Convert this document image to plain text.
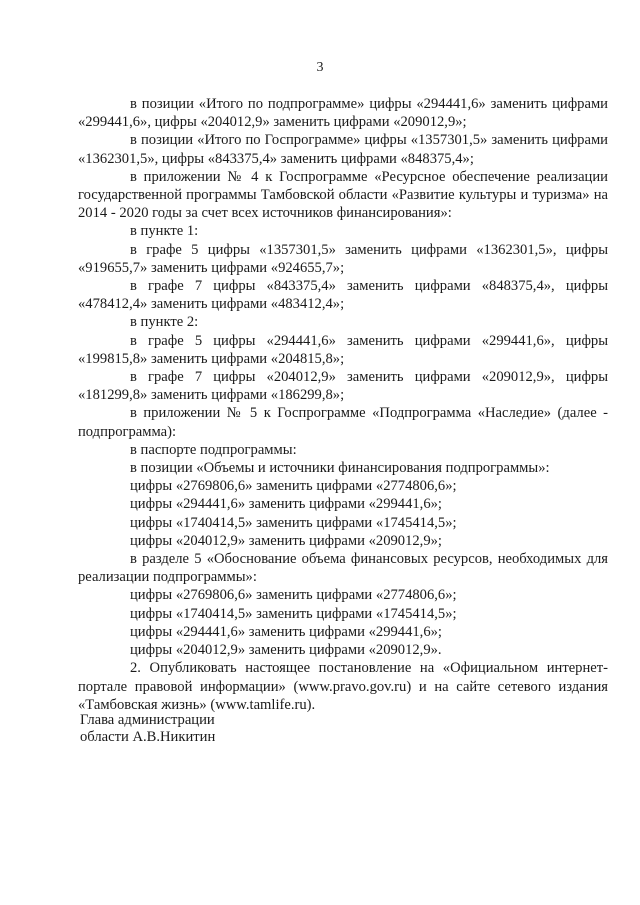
3

в позиции «Итого по подпрограмме» цифры «294441,6» заменить цифрами «299441,6», цифры «204012,9» заменить цифрами «209012,9»;

в позиции «Итого по Госпрограмме» цифры «1357301,5» заменить цифрами «1362301,5», цифры «843375,4» заменить цифрами «848375,4»;

в приложении № 4 к Госпрограмме «Ресурсное обеспечение реализации государственной программы Тамбовской области «Развитие культуры и туризма» на 2014 - 2020 годы за счет всех источников финансирования»:

в пункте 1:

в графе 5 цифры «1357301,5» заменить цифрами «1362301,5», цифры «919655,7» заменить цифрами «924655,7»;

в графе 7 цифры «843375,4» заменить цифрами «848375,4», цифры «478412,4» заменить цифрами «483412,4»;

в пункте 2:

в графе 5 цифры «294441,6» заменить цифрами «299441,6», цифры «199815,8» заменить цифрами «204815,8»;

в графе 7 цифры «204012,9» заменить цифрами «209012,9», цифры «181299,8» заменить цифрами «186299,8»;

в приложении № 5 к Госпрограмме «Подпрограмма «Наследие» (далее - подпрограмма):

в паспорте подпрограммы:

в позиции «Объемы и источники финансирования подпрограммы»:

цифры «2769806,6» заменить цифрами «2774806,6»;

цифры «294441,6» заменить цифрами «299441,6»;

цифры «1740414,5» заменить цифрами «1745414,5»;

цифры «204012,9» заменить цифрами «209012,9»;

в разделе 5 «Обоснование объема финансовых ресурсов, необходимых для реализации подпрограммы»:

цифры «2769806,6» заменить цифрами «2774806,6»;

цифры «1740414,5» заменить цифрами «1745414,5»;

цифры «294441,6» заменить цифрами «299441,6»;

цифры «204012,9» заменить цифрами «209012,9».

2. Опубликовать настоящее постановление на «Официальном интернет-портале правовой информации» (www.pravo.gov.ru) и на сайте сетевого издания «Тамбовская жизнь» (www.tamlife.ru).

Глава администрации
области А.В.Никитин
